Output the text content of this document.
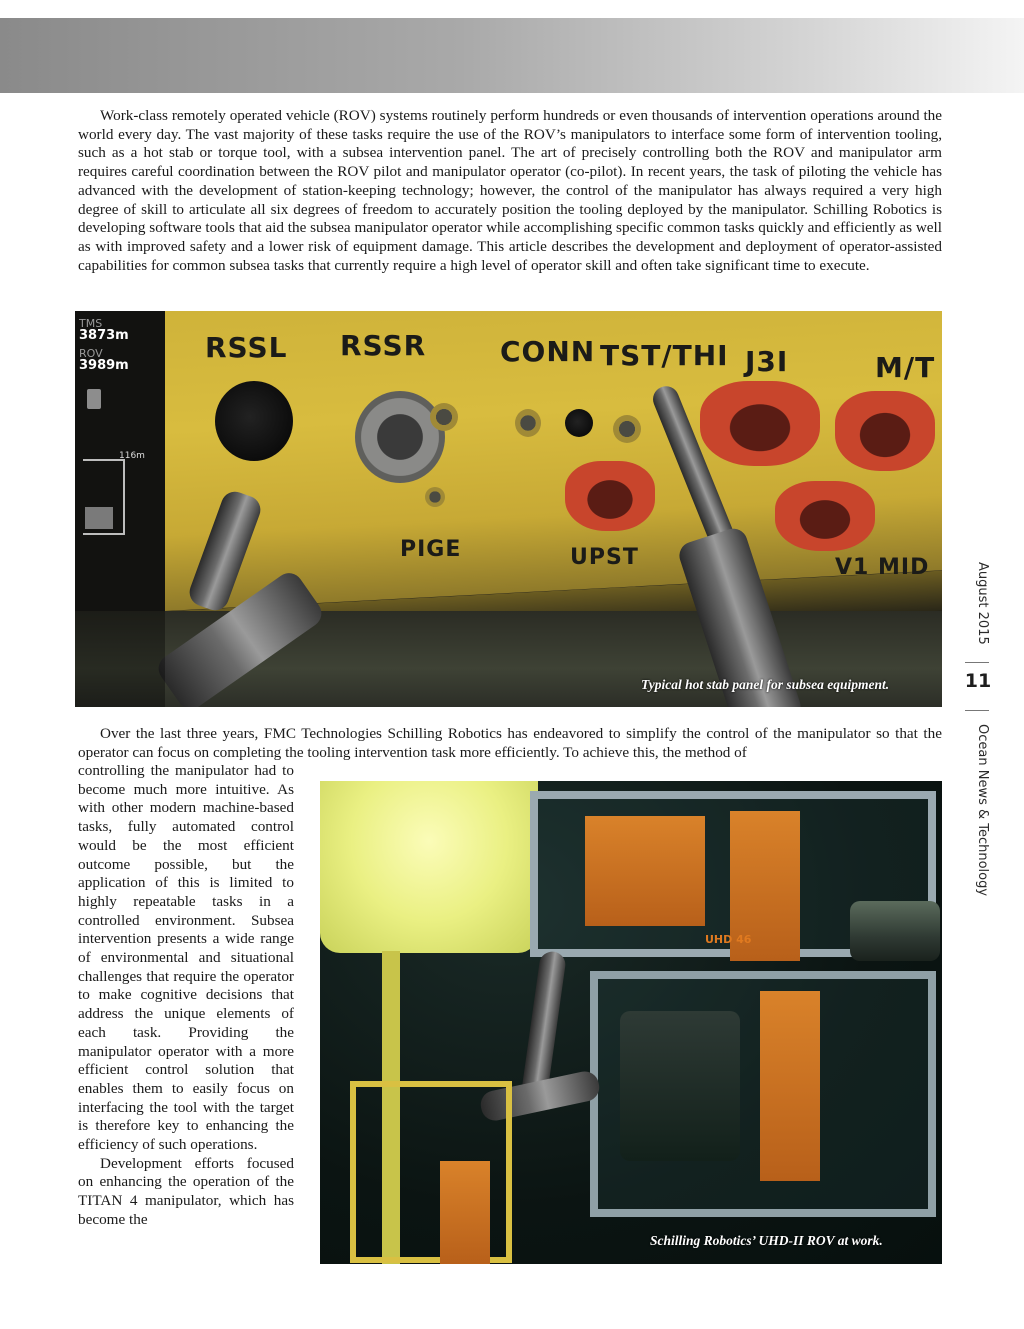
Work-class remotely operated vehicle (ROV) systems routinely perform hundreds or even thousands of intervention operations around the world every day. The vast majority of these tasks require the use of the ROV’s manipulators to interface some form of intervention tooling, such as a hot stab or torque tool, with a subsea intervention panel. The art of precisely controlling both the ROV and manipulator arm requires careful coordination between the ROV pilot and manipulator operator (co-pilot). In recent years, the task of piloting the vehicle has advanced with the development of station-keeping technology; however, the control of the manipulator has always required a very high degree of skill to articulate all six degrees of freedom to accurately position the tooling deployed by the manipulator. Schilling Robotics is developing software tools that aid the subsea manipulator operator while accomplishing specific common tasks quickly and efficiently as well as with improved safety and a lower risk of equipment damage. This article describes the development and deployment of operator-assisted capabilities for common subsea tasks that currently require a high level of operator skill and often take significant time to execute.

RSSL RSSR	CONN TST/THI J3I	M/T
PIGE	UPST	V1 MID
TMS
3873m
ROV
3989m
116m
Typical hot stab panel for subsea equipment.

Over the last three years, FMC Technologies Schilling Robotics has endeavored to simplify the control of the manipulator so that the operator can focus on completing the tooling intervention task more efficiently. To achieve this, the method of

controlling the manipulator had to become much more intuitive. As with other modern machine-based tasks, fully automated control would be the most efficient outcome possible, but the application of this is limited to highly repeatable tasks in a controlled environment. Subsea intervention presents a wide range of environmental and situational challenges that require the operator to make cognitive decisions that address the unique elements of each task. Providing the manipulator operator with a more efficient control solution that enables them to easily focus on interfacing the tool with the target is therefore key to enhancing the efficiency of such operations.

Development efforts focused on enhancing the operation of the TITAN 4 manipulator, which has become the

UHD 46
Schilling Robotics’ UHD-II ROV at work.
August 2015
11
Ocean News & Technology
